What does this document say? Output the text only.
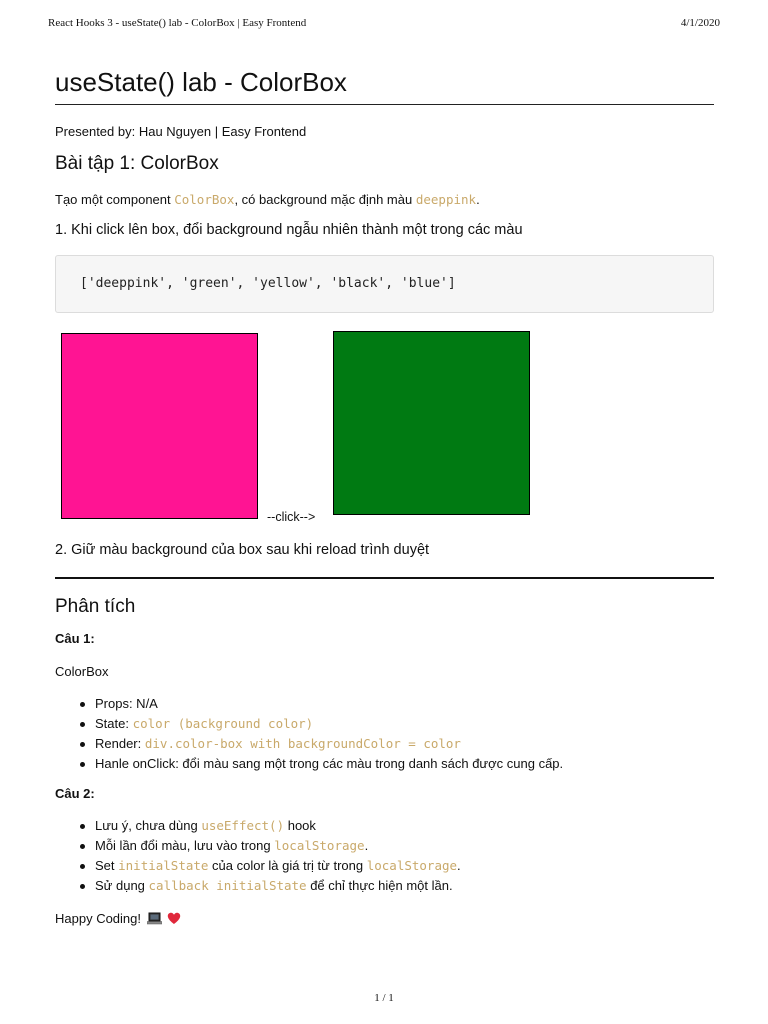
React Hooks 3 - useState() lab - ColorBox | Easy Frontend	4/1/2020
useState() lab - ColorBox

Presented by: Hau Nguyen | Easy Frontend

Bài tập 1: ColorBox

Tạo một component ColorBox, có background mặc định màu deeppink.

1. Khi click lên box, đổi background ngẫu nhiên thành một trong các màu

['deeppink', 'green', 'yellow', 'black', 'blue']
--click-->

2. Giữ màu background của box sau khi reload trình duyệt

Phân tích

Câu 1:

ColorBox

Props: N/A
State: color (background color)
Render: div.color-box with backgroundColor = color
Hanle onClick: đổi màu sang một trong các màu trong danh sách được cung cấp.

Câu 2:

Lưu ý, chưa dùng useEffect() hook
Mỗi lần đổi màu, lưu vào trong localStorage.
Set initialState của color là giá trị từ trong localStorage.
Sử dụng callback initialState để chỉ thực hiện một lần.

Happy Coding!

1 / 1
